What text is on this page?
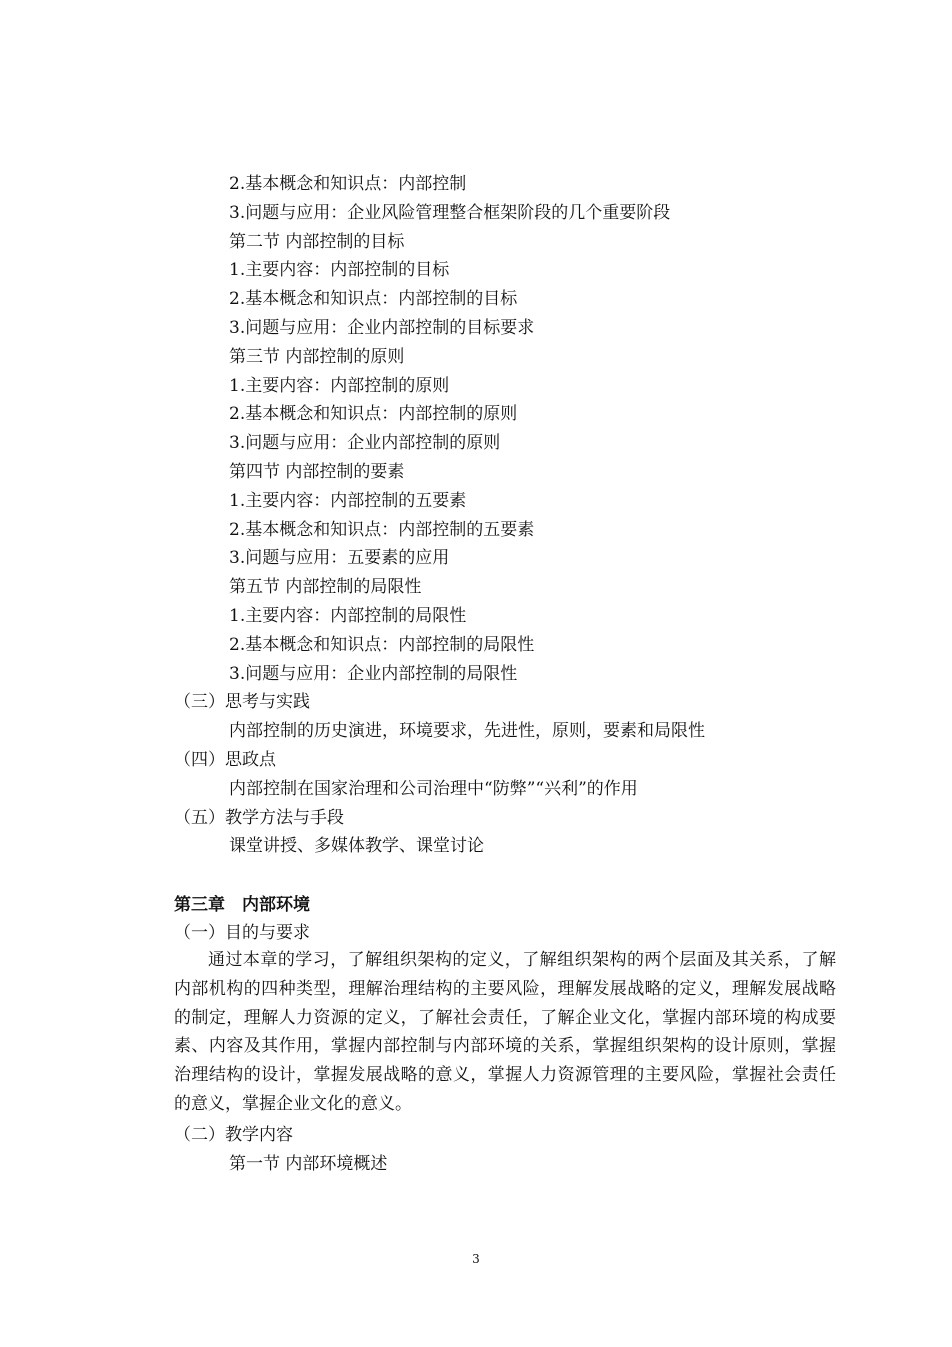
2.基本概念和知识点：内部控制
3.问题与应用：企业风险管理整合框架阶段的几个重要阶段
第二节 内部控制的目标
1.主要内容：内部控制的目标
2.基本概念和知识点：内部控制的目标
3.问题与应用：企业内部控制的目标要求
第三节 内部控制的原则
1.主要内容：内部控制的原则
2.基本概念和知识点：内部控制的原则
3.问题与应用：企业内部控制的原则
第四节 内部控制的要素
1.主要内容：内部控制的五要素
2.基本概念和知识点：内部控制的五要素
3.问题与应用：五要素的应用
第五节 内部控制的局限性
1.主要内容：内部控制的局限性
2.基本概念和知识点：内部控制的局限性
3.问题与应用：企业内部控制的局限性
（三）思考与实践
内部控制的历史演进，环境要求，先进性，原则，要素和局限性
（四）思政点
内部控制在国家治理和公司治理中“防弊”“兴利”的作用
（五）教学方法与手段
课堂讲授、多媒体教学、课堂讨论
第三章　内部环境
（一）目的与要求
通过本章的学习，了解组织架构的定义，了解组织架构的两个层面及其关系，了解内部机构的四种类型，理解治理结构的主要风险，理解发展战略的定义，理解发展战略的制定，理解人力资源的定义，了解社会责任，了解企业文化，掌握内部环境的构成要素、内容及其作用，掌握内部控制与内部环境的关系，掌握组织架构的设计原则，掌握治理结构的设计，掌握发展战略的意义，掌握人力资源管理的主要风险，掌握社会责任的意义，掌握企业文化的意义。
（二）教学内容
第一节 内部环境概述
3
